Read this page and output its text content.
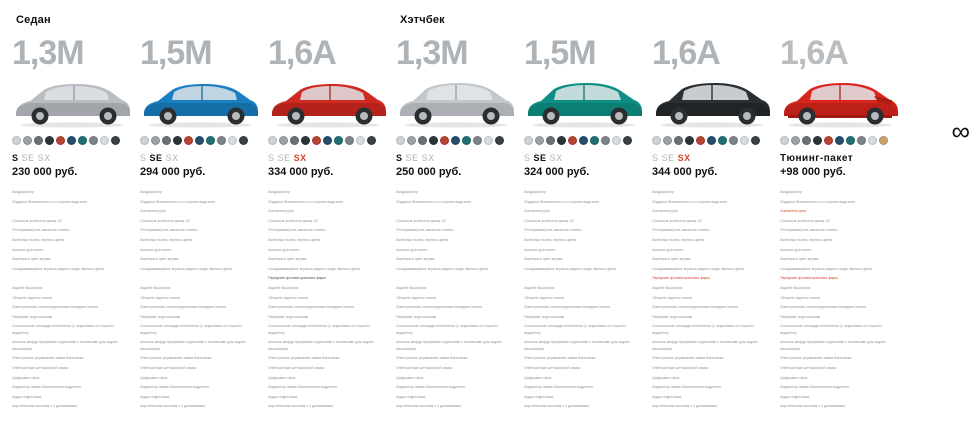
Седан	Хэтчбек
1,3M
S SE SX
230 000 руб.
Кондиционер
Подушка безопасности со стороны водителя
Стальные колёсные диски 14"
Полноразмерное запасное колесо
Колёсные болты чёрного цвета
Колпаки для колес
Бамперы в цвет кузова
Складывающиеся зеркала заднего вида чёрного цвета
Задний брызговик
Обогрев заднего стекла
Электрическая стеклоподъемники передних стекол
Передние подголовники
Соотношение площади остекления (с зеркалами со стороны водителя)
Консоль между передними сиденьями с печатными для задних пассажиров
Электронная управления замка багажника
Электронный центральный замок
Цифровые часы
Индикатор замка безопасности водителя
Аудио подготовка
Акустическая система с 4 динамиками
1,5M
S SE SX
294 000 руб.
Кондиционер
Подушка безопасности со стороны водителя
Усилитель руля
Стальные колёсные диски 14"
Полноразмерное запасное колесо
Колёсные болты чёрного цвета
Колпаки для колес
Бамперы в цвет кузова
Складывающиеся зеркала заднего вида чёрного цвета
Задний брызговик
Обогрев заднего стекла
Электрическая стеклоподъемники передних стекол
Передние подголовники
Соотношение площади остекления (с зеркалами со стороны водителя)
Консоль между передними сиденьями с печатными для задних пассажиров
Электронная управления замка багажника
Электронный центральный замок
Цифровые часы
Индикатор замка безопасности водителя
Аудио подготовка
Акустическая система с 4 динамиками
1,6A
S SE SX
334 000 руб.
Кондиционер
Подушка безопасности со стороны водителя
Усилитель руля
Стальные колёсные диски 14"
Полноразмерное запасное колесо
Колёсные болты чёрного цвета
Колпаки для колес
Бамперы в цвет кузова
Складывающиеся зеркала заднего вида чёрного цвета
Передние противотуманные фары
Задний брызговик
Обогрев заднего стекла
Электрическая стеклоподъемники передних стекол
Передние подголовники
Соотношение площади остекления (с зеркалами со стороны водителя)
Консоль между передними сиденьями с печатными для задних пассажиров
Электронная управления замка багажника
Электронный центральный замок
Цифровые часы
Индикатор замка безопасности водителя
Аудио подготовка
Акустическая система с 4 динамиками
1,3M
S SE SX
250 000 руб.
Кондиционер
Подушка безопасности со стороны водителя
Стальные колёсные диски 14"
Полноразмерное запасное колесо
Колёсные болты чёрного цвета
Колпаки для колес
Бамперы в цвет кузова
Складывающиеся зеркала заднего вида чёрного цвета
Задний брызговик
Обогрев заднего стекла
Электрическая стеклоподъемники передних стекол
Передние подголовники
Соотношение площади остекления (с зеркалами со стороны водителя)
Консоль между передними сиденьями с печатными для задних пассажиров
Электронная управления замка багажника
Электронный центральный замок
Цифровые часы
Индикатор замка безопасности водителя
Аудио подготовка
Акустическая система с 4 динамиками
1,5M
S SE SX
324 000 руб.
Кондиционер
Подушка безопасности со стороны водителя
Усилитель руля
Стальные колёсные диски 14"
Полноразмерное запасное колесо
Колёсные болты чёрного цвета
Колпаки для колес
Бамперы в цвет кузова
Складывающиеся зеркала заднего вида чёрного цвета
Задний брызговик
Обогрев заднего стекла
Электрическая стеклоподъемники передних стекол
Передние подголовники
Соотношение площади остекления (с зеркалами со стороны водителя)
Консоль между передними сиденьями с печатными для задних пассажиров
Электронная управления замка багажника
Электронный центральный замок
Цифровые часы
Индикатор замка безопасности водителя
Аудио подготовка
Акустическая система с 4 динамиками
1,6A
S SE SX
344 000 руб.
Кондиционер
Подушка безопасности со стороны водителя
Усилитель руля
Стальные колёсные диски 14"
Полноразмерное запасное колесо
Колёсные болты чёрного цвета
Колпаки для колес
Бамперы в цвет кузова
Складывающиеся зеркала заднего вида чёрного цвета
Передние противотуманные фары
Задний брызговик
Обогрев заднего стекла
Электрическая стеклоподъемники передних стекол
Передние подголовники
Соотношение площади остекления (с зеркалами со стороны водителя)
Консоль между передними сиденьями с печатными для задних пассажиров
Электронная управления замка багажника
Электронный центральный замок
Цифровые часы
Индикатор замка безопасности водителя
Аудио подготовка
Акустическая система с 4 динамиками
1,6A
Тюнинг-пакет
+98 000 руб.
Кондиционер
Подушка безопасности со стороны водителя
Усилитель руля
Стальные колёсные диски 14"
Полноразмерное запасное колесо
Колёсные болты чёрного цвета
Колпаки для колес
Бамперы в цвет кузова
Складывающиеся зеркала заднего вида чёрного цвета
Передние противотуманные фары
Задний брызговик
Обогрев заднего стекла
Электрическая стеклоподъемники передних стекол
Передние подголовники
Соотношение площади остекления (с зеркалами со стороны водителя)
Консоль между передними сиденьями с печатными для задних пассажиров
Электронная управления замка багажника
Электронный центральный замок
Цифровые часы
Индикатор замка безопасности водителя
Аудио подготовка
Акустическая система с 4 динамиками
∞
